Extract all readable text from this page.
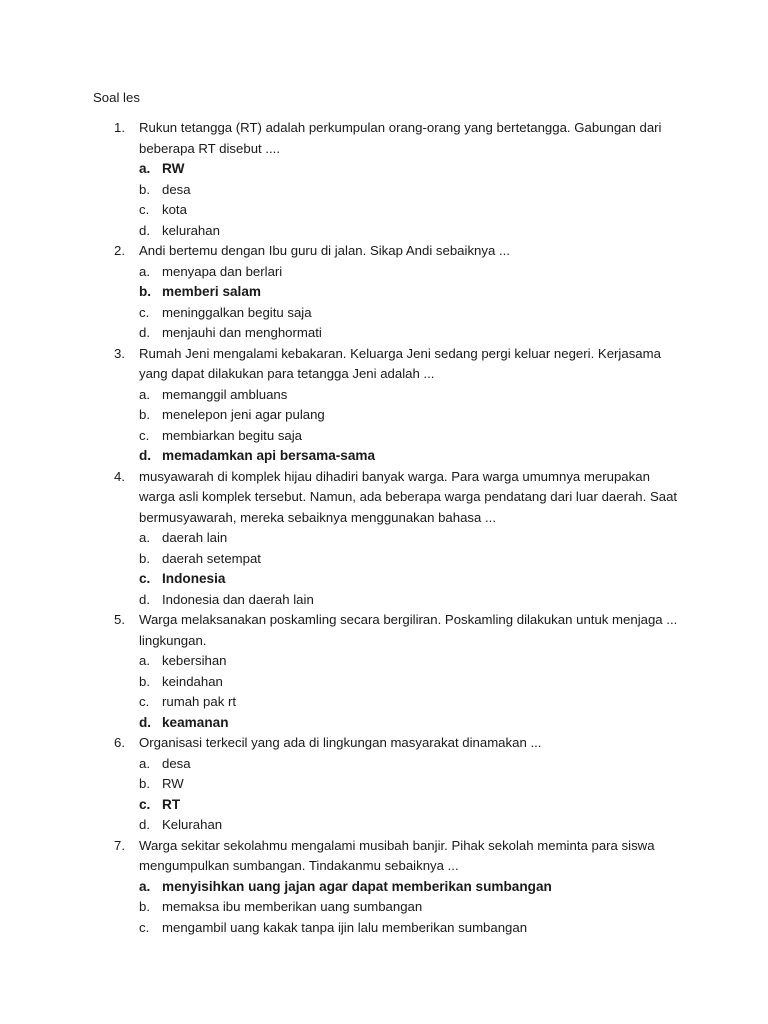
Soal les
1. Rukun tetangga (RT) adalah perkumpulan orang-orang yang bertetangga. Gabungan dari beberapa RT disebut ....
a. RW
b. desa
c. kota
d. kelurahan
2. Andi bertemu dengan Ibu guru di jalan. Sikap Andi sebaiknya ...
a. menyapa dan berlari
b. memberi salam
c. meninggalkan begitu saja
d. menjauhi dan menghormati
3. Rumah Jeni mengalami kebakaran. Keluarga Jeni sedang pergi keluar negeri. Kerjasama yang dapat dilakukan para tetangga Jeni adalah ...
a. memanggil ambluans
b. menelepon jeni agar pulang
c. membiarkan begitu saja
d. memadamkan api bersama-sama
4. musyawarah di komplek hijau dihadiri banyak warga. Para warga umumnya merupakan warga asli komplek tersebut. Namun, ada beberapa warga pendatang dari luar daerah. Saat bermusyawarah, mereka sebaiknya menggunakan bahasa ...
a. daerah lain
b. daerah setempat
c. Indonesia
d. Indonesia dan daerah lain
5. Warga melaksanakan poskamling secara bergiliran. Poskamling dilakukan untuk menjaga ... lingkungan.
a. kebersihan
b. keindahan
c. rumah pak rt
d. keamanan
6. Organisasi terkecil yang ada di lingkungan masyarakat dinamakan ...
a. desa
b. RW
c. RT
d. Kelurahan
7. Warga sekitar sekolahmu mengalami musibah banjir. Pihak sekolah meminta para siswa mengumpulkan sumbangan. Tindakanmu sebaiknya ...
a. menyisihkan uang jajan agar dapat memberikan sumbangan
b. memaksa ibu memberikan uang sumbangan
c. mengambil uang kakak tanpa ijin lalu memberikan sumbangan
